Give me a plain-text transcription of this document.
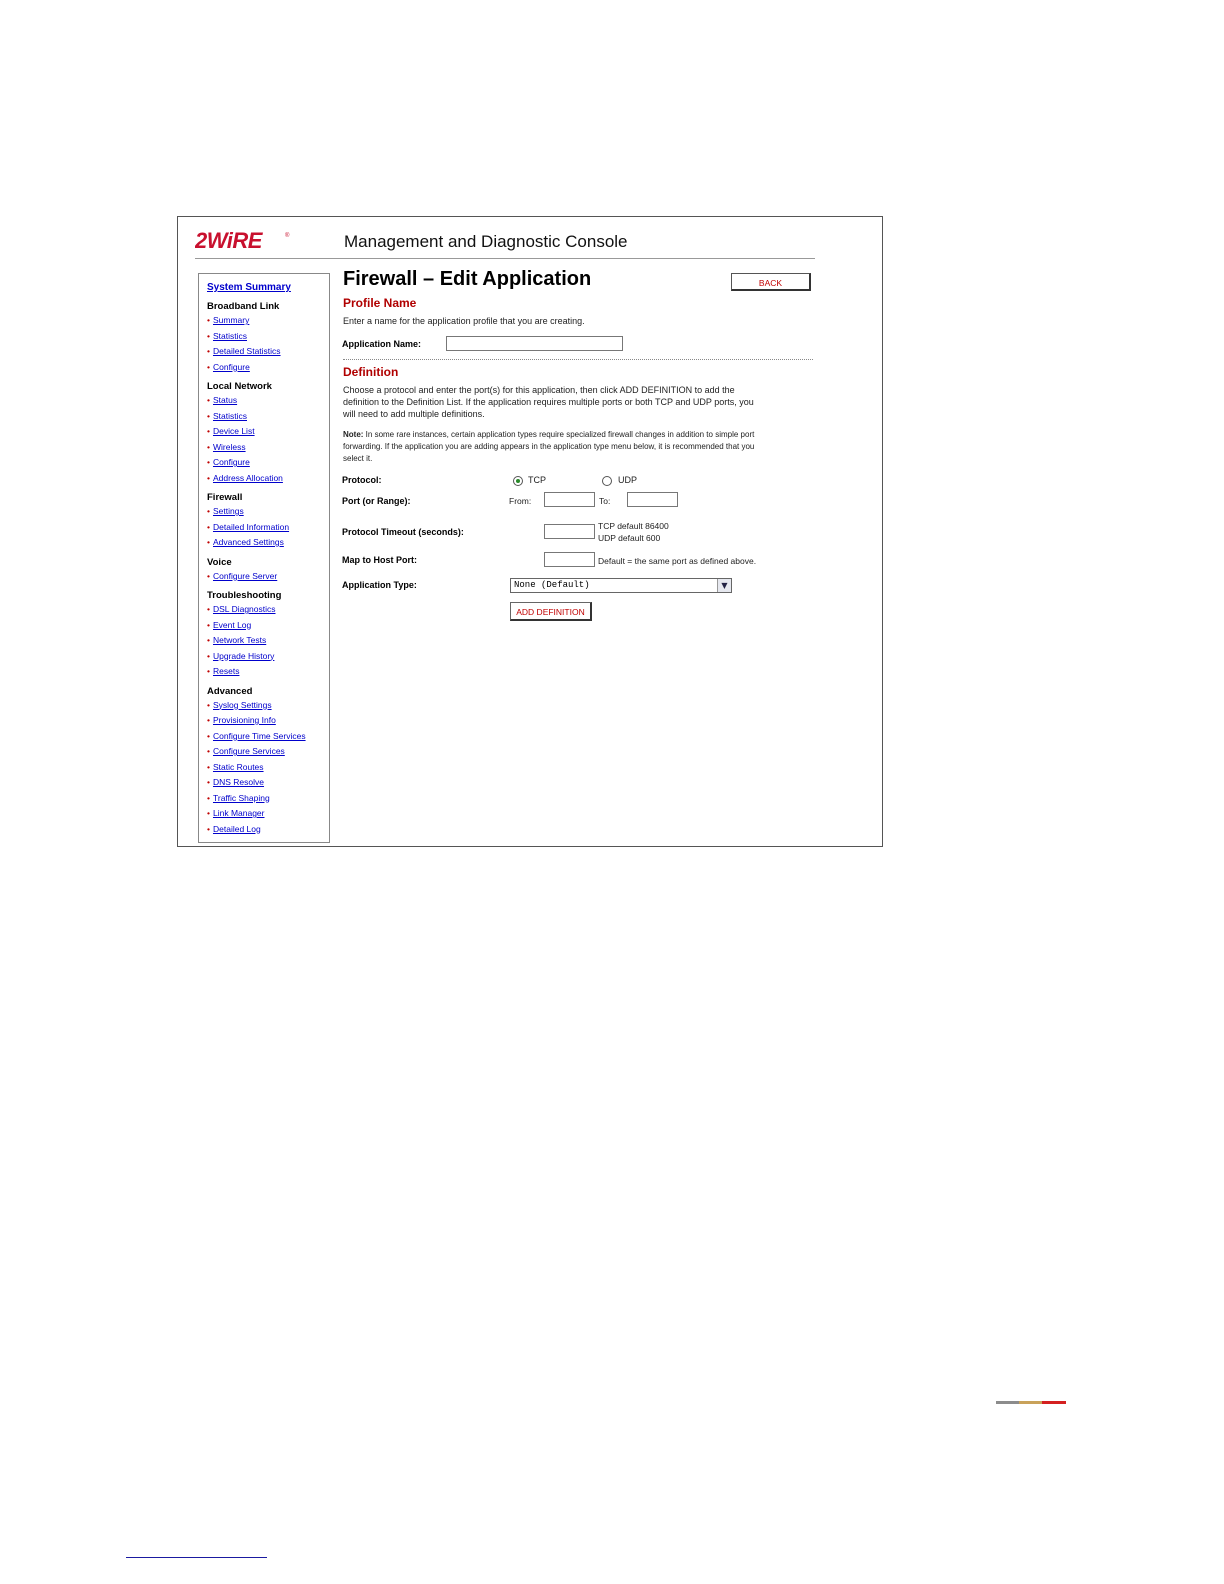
2WiRE	®	Management and Diagnostic Console
System Summary
Broadband Link
• Summary
• Statistics
• Detailed Statistics
• Configure
Local Network
• Status
• Statistics
• Device List
• Wireless
• Configure
• Address Allocation
Firewall
• Settings
• Detailed Information
• Advanced Settings
Voice
• Configure Server
Troubleshooting
• DSL Diagnostics
• Event Log
• Network Tests
• Upgrade History
• Resets
Advanced
• Syslog Settings
• Provisioning Info
• Configure Time Services
• Configure Services
• Static Routes
• DNS Resolve
• Traffic Shaping
• Link Manager
• Detailed Log
Firewall – Edit Application	BACK
Profile Name
Enter a name for the application profile that you are creating.
Application Name:
Definition
Choose a protocol and enter the port(s) for this application, then click ADD DEFINITION to add the
definition to the Definition List. If the application requires multiple ports or both TCP and UDP ports, you
will need to add multiple definitions.
Note: In some rare instances, certain application types require specialized firewall changes in addition to simple port
forwarding. If the application you are adding appears in the application type menu below, it is recommended that you
select it.
Protocol:	TCP	UDP
Port (or Range):	From:	To:
Protocol Timeout (seconds):
TCP default 86400
UDP default 600
Map to Host Port:	Default = the same port as defined above.
Application Type:	None (Default)	▼
ADD DEFINITION
